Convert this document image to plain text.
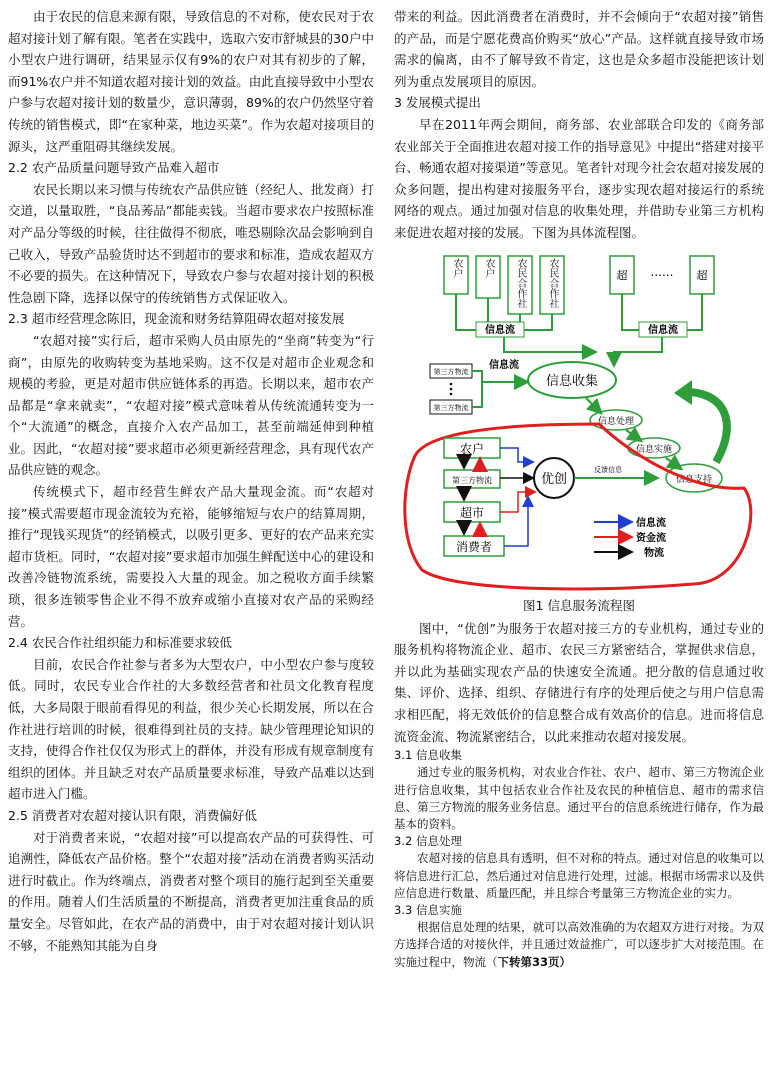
由于农民的信息来源有限，导致信息的不对称，使农民对于农超对接计划了解有限。笔者在实践中，选取六安市舒城县的30户中小型农户进行调研，结果显示仅有9%的农户对其有初步的了解，而91%农户并不知道农超对接计划的效益。由此直接导致中小型农户参与农超对接计划的数量少，意识薄弱，89%的农户仍然坚守着传统的销售模式，即“在家种菜，地边买菜”。作为农超对接项目的源头，这严重阻碍其继续发展。

2.2 农产品质量问题导致产品难入超市

农民长期以来习惯与传统农产品供应链（经纪人、批发商）打交道，以量取胜，“良品莠品”都能卖钱。当超市要求农户按照标准对产品分等级的时候，往往做得不彻底，唯恐剔除次品会影响到自己收入，导致产品验货时达不到超市的要求和标准，造成农超双方不必要的损失。在这种情况下，导致农户参与农超对接计划的积极性急剧下降，选择以保守的传统销售方式保证收入。

2.3 超市经营理念陈旧，现金流和财务结算阻碍农超对接发展

“农超对接”实行后，超市采购人员由原先的“坐商”转变为“行商”，由原先的收购转变为基地采购。这不仅是对超市企业观念和规模的考验，更是对超市供应链体系的再造。长期以来，超市农产品都是“拿来就卖”，“农超对接”模式意味着从传统流通转变为一个“大流通”的概念，直接介入农产品加工，甚至前端延伸到种植业。因此，“农超对接”要求超市必须更新经营理念，具有现代农产品供应链的观念。

传统模式下，超市经营生鲜农产品大量现金流。而“农超对接”模式需要超市现金流较为充裕，能够缩短与农户的结算周期，推行“现钱买现货”的经销模式，以吸引更多、更好的农产品来充实超市货柜。同时，“农超对接”要求超市加强生鲜配送中心的建设和改善冷链物流系统，需要投入大量的现金。加之税收方面手续繁琐，很多连锁零售企业不得不放弃或缩小直接对农产品的采购经营。

2.4 农民合作社组织能力和标准要求较低

目前，农民合作社参与者多为大型农户，中小型农户参与度较低。同时，农民专业合作社的大多数经营者和社员文化教育程度低，大多局限于眼前看得见的利益，很少关心长期发展，所以在合作社进行培训的时候，很难得到社员的支持。缺少管理理论知识的支持，使得合作社仅仅为形式上的群体，并没有形成有规章制度有组织的团体。并且缺乏对农产品质量要求标准，导致产品难以达到超市进入门槛。

2.5 消费者对农超对接认识有限，消费偏好低

对于消费者来说，“农超对接”可以提高农产品的可获得性、可追溯性，降低农产品价格。整个“农超对接”活动在消费者购买活动进行时截止。作为终端点，消费者对整个项目的施行起到至关重要的作用。随着人们生活质量的不断提高，消费者更加注重食品的质量安全。尽管如此，在农产品的消费中，由于对农超对接计划认识不够，不能熟知其能为自身

带来的利益。因此消费者在消费时，并不会倾向于“农超对接”销售的产品，而是宁愿花费高价购买“放心”产品。这样就直接导致市场需求的偏离，由不了解导致不肯定，这也是众多超市没能把该计划列为重点发展项目的原因。

3 发展模式提出

早在2011年两会期间，商务部、农业部联合印发的《商务部 农业部关于全面推进农超对接工作的指导意见》中提出“搭建对接平台、畅通农超对接渠道”等意见。笔者针对现今社会农超对接发展的众多问题，提出构建对接服务平台，逐步实现农超对接运行的系统网络的观点。通过加强对信息的收集处理，并借助专业第三方机构来促进农超对接的发展。下图为具体流程图。

农户	农户	农民合作社	农民合作社	超	超
......
信息流	信息流
第三方物流
第三方物流
信息流
信息收集
信息处理
信息实施
信息支持
农户
第三方物流
超市
消费者
优创
反馈信息
信息流
资金流
物流

图1 信息服务流程图

图中，“优创”为服务于农超对接三方的专业机构，通过专业的服务机构将物流企业、超市、农民三方紧密结合，掌握供求信息，并以此为基础实现农产品的快速安全流通。把分散的信息通过收集、评价、选择、组织、存储进行有序的处理后使之与用户信息需求相匹配，将无效低价的信息整合成有效高价的信息。进而将信息流资金流、物流紧密结合，以此来推动农超对接发展。

3.1 信息收集

通过专业的服务机构，对农业合作社、农户、超市、第三方物流企业进行信息收集，其中包括农业合作社及农民的种植信息、超市的需求信息、第三方物流的服务业务信息。通过平台的信息系统进行储存，作为最基本的资料。

3.2 信息处理

农超对接的信息具有透明，但不对称的特点。通过对信息的收集可以将信息进行汇总，然后通过对信息进行处理，过滤。根据市场需求以及供应信息进行数量、质量匹配，并且综合考量第三方物流企业的实力。

3.3 信息实施

根据信息处理的结果，就可以高效准确的为农超双方进行对接。为双方选择合适的对接伙伴，并且通过效益推广，可以逐步扩大对接范围。在实施过程中，物流（下转第33页）
